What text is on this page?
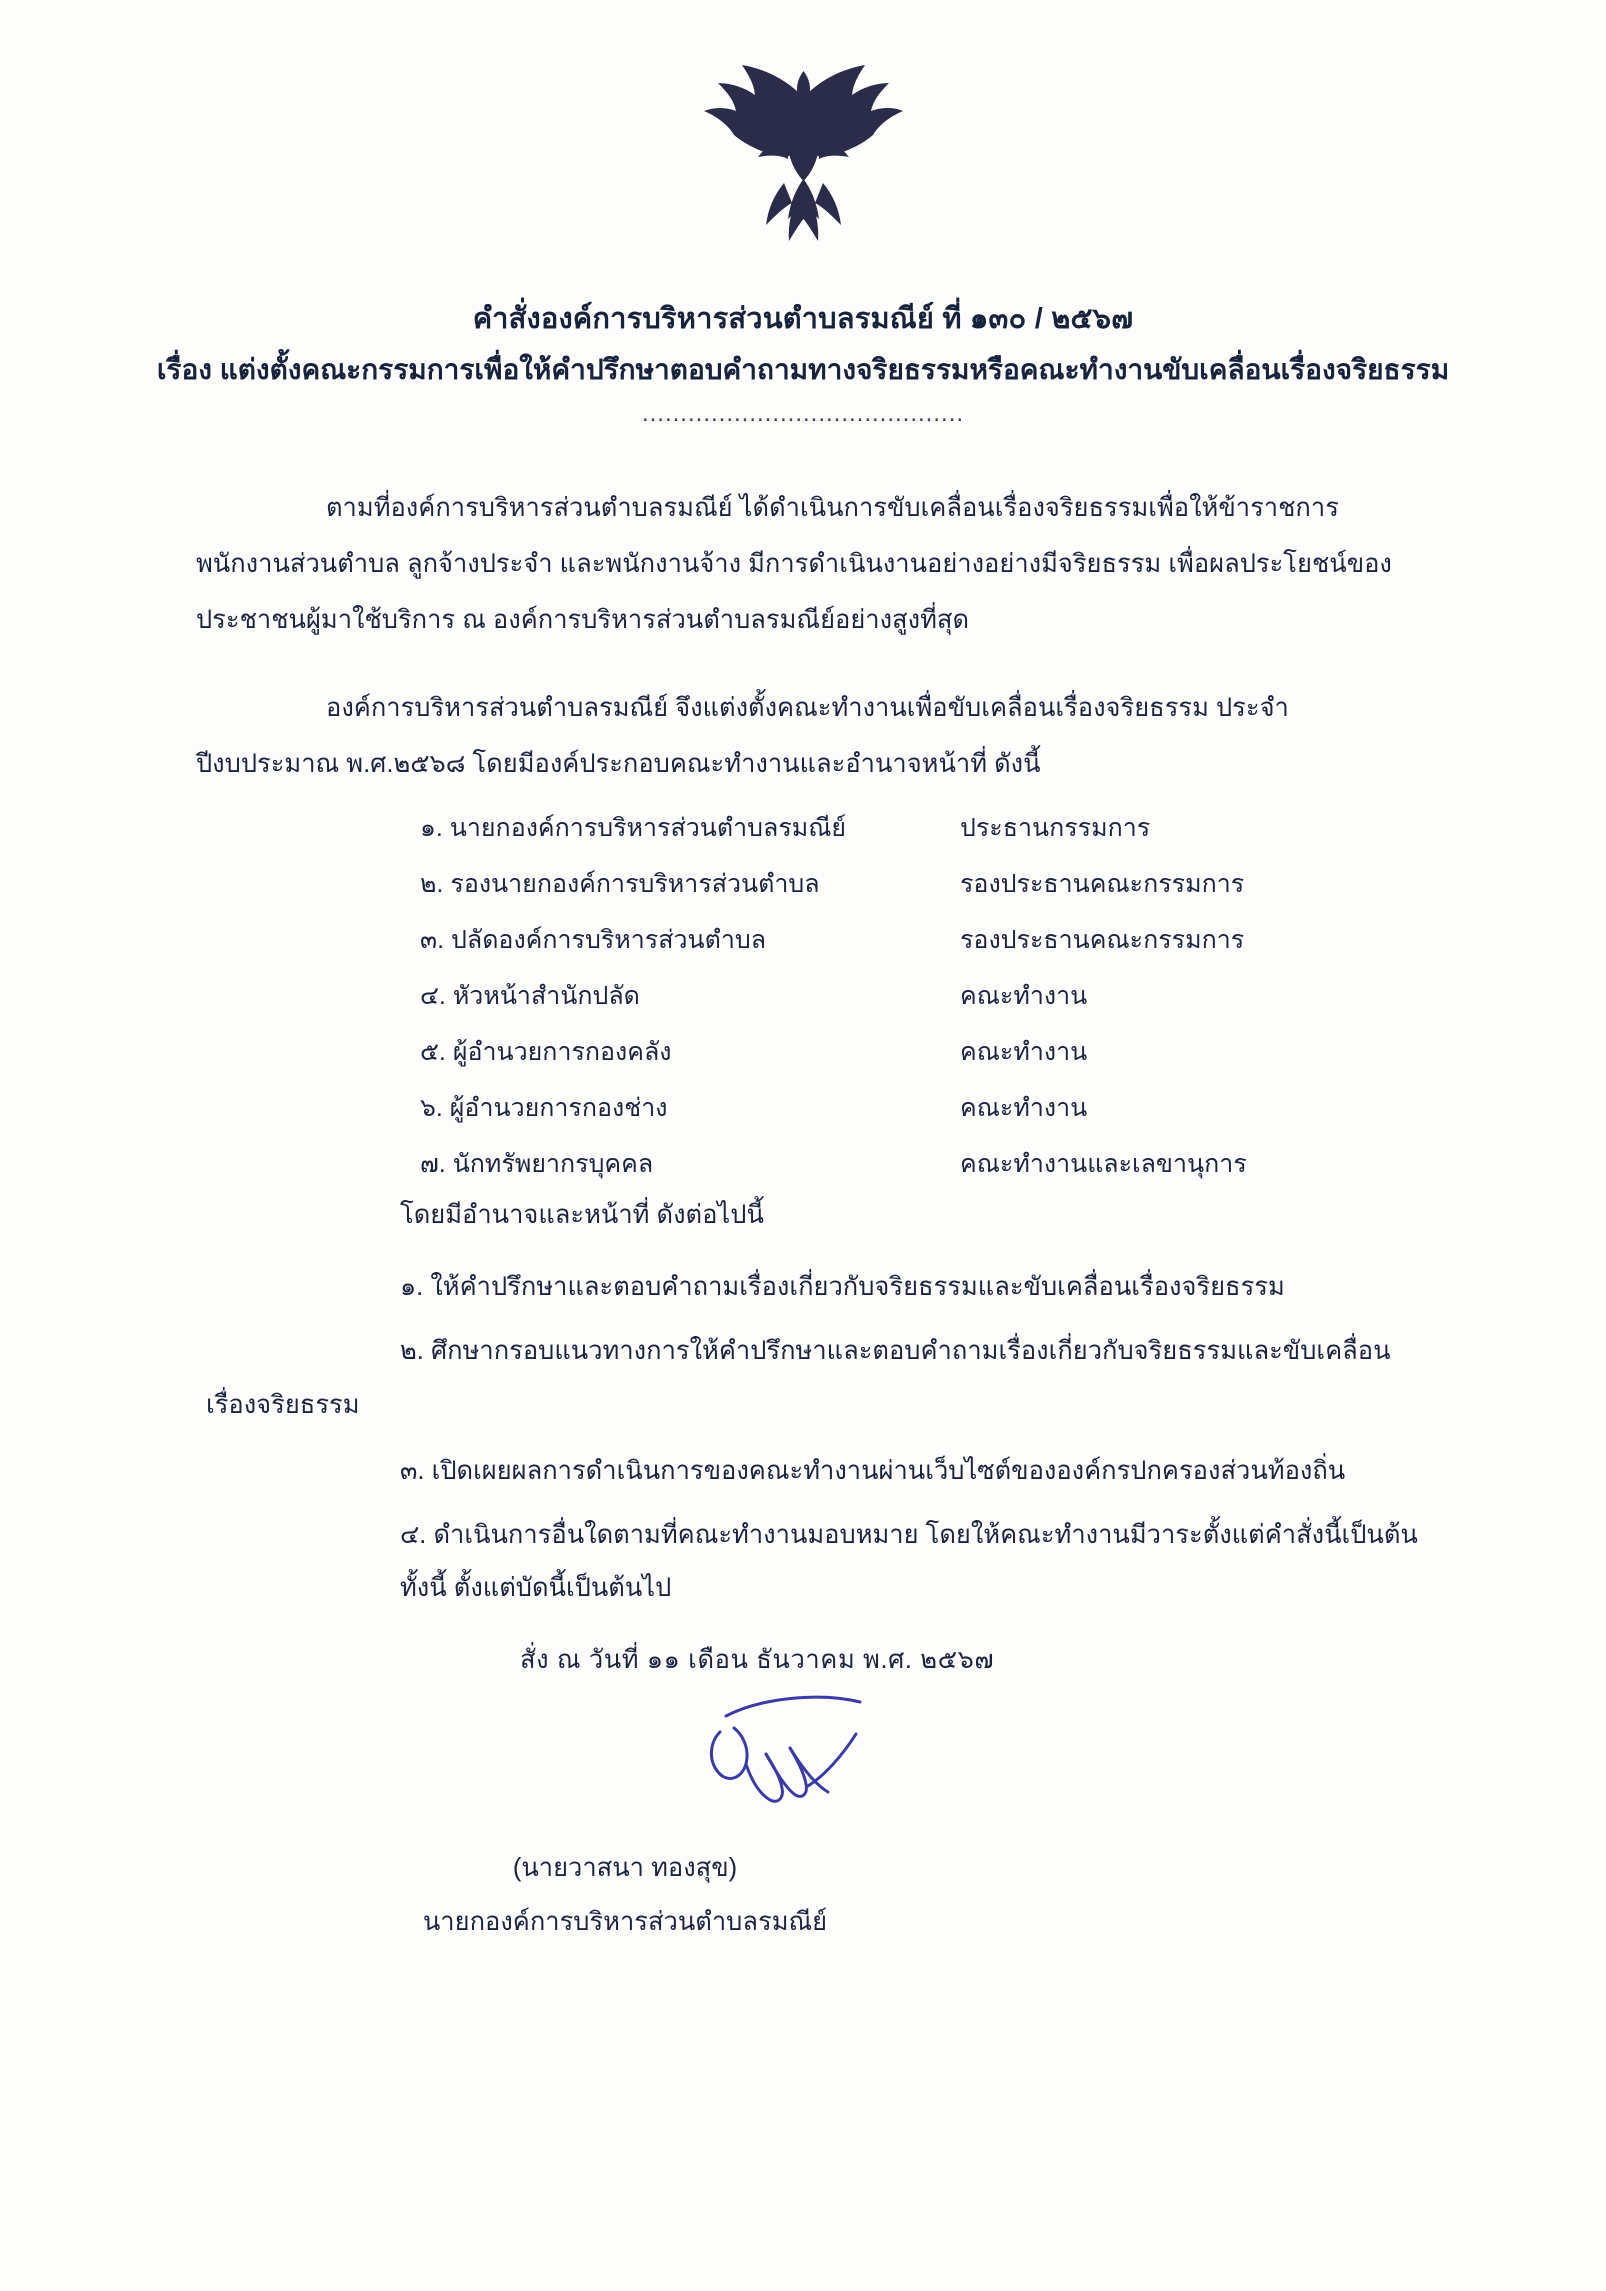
คำสั่งองค์การบริหารส่วนตำบลรมณีย์ ที่ ๑๓๐ / ๒๕๖๗
เรื่อง แต่งตั้งคณะกรรมการเพื่อให้คำปรึกษาตอบคำถามทางจริยธรรมหรือคณะทำงานขับเคลื่อนเรื่องจริยธรรม
..........................................
ตามที่องค์การบริหารส่วนตำบลรมณีย์ ได้ดำเนินการขับเคลื่อนเรื่องจริยธรรมเพื่อให้ข้าราชการ พนักงานส่วนตำบล ลูกจ้างประจำ และพนักงานจ้าง มีการดำเนินงานอย่างอย่างมีจริยธรรม เพื่อผลประโยชน์ของประชาชนผู้มาใช้บริการ ณ องค์การบริหารส่วนตำบลรมณีย์อย่างสูงที่สุด
องค์การบริหารส่วนตำบลรมณีย์ จึงแต่งตั้งคณะทำงานเพื่อขับเคลื่อนเรื่องจริยธรรม ประจำปีงบประมาณ พ.ศ.๒๕๖๘ โดยมีองค์ประกอบคณะทำงานและอำนาจหน้าที่ ดังนี้
๑. นายกองค์การบริหารส่วนตำบลรมณีย์	ประธานกรรมการ
๒. รองนายกองค์การบริหารส่วนตำบล	รองประธานคณะกรรมการ
๓. ปลัดองค์การบริหารส่วนตำบล	รองประธานคณะกรรมการ
๔. หัวหน้าสำนักปลัด	คณะทำงาน
๕. ผู้อำนวยการกองคลัง	คณะทำงาน
๖. ผู้อำนวยการกองช่าง	คณะทำงาน
๗. นักทรัพยากรบุคคล	คณะทำงานและเลขานุการ
โดยมีอำนาจและหน้าที่ ดังต่อไปนี้
๑. ให้คำปรึกษาและตอบคำถามเรื่องเกี่ยวกับจริยธรรมและขับเคลื่อนเรื่องจริยธรรม
๒. ศึกษากรอบแนวทางการให้คำปรึกษาและตอบคำถามเรื่องเกี่ยวกับจริยธรรมและขับเคลื่อน
เรื่องจริยธรรม
๓. เปิดเผยผลการดำเนินการของคณะทำงานผ่านเว็บไซต์ขององค์กรปกครองส่วนท้องถิ่น
๔. ดำเนินการอื่นใดตามที่คณะทำงานมอบหมาย โดยให้คณะทำงานมีวาระตั้งแต่คำสั่งนี้เป็นต้น
ทั้งนี้ ตั้งแต่บัดนี้เป็นต้นไป
สั่ง ณ วันที่ ๑๑ เดือน ธันวาคม พ.ศ. ๒๕๖๗
(นายวาสนา ทองสุข)
นายกองค์การบริหารส่วนตำบลรมณีย์
